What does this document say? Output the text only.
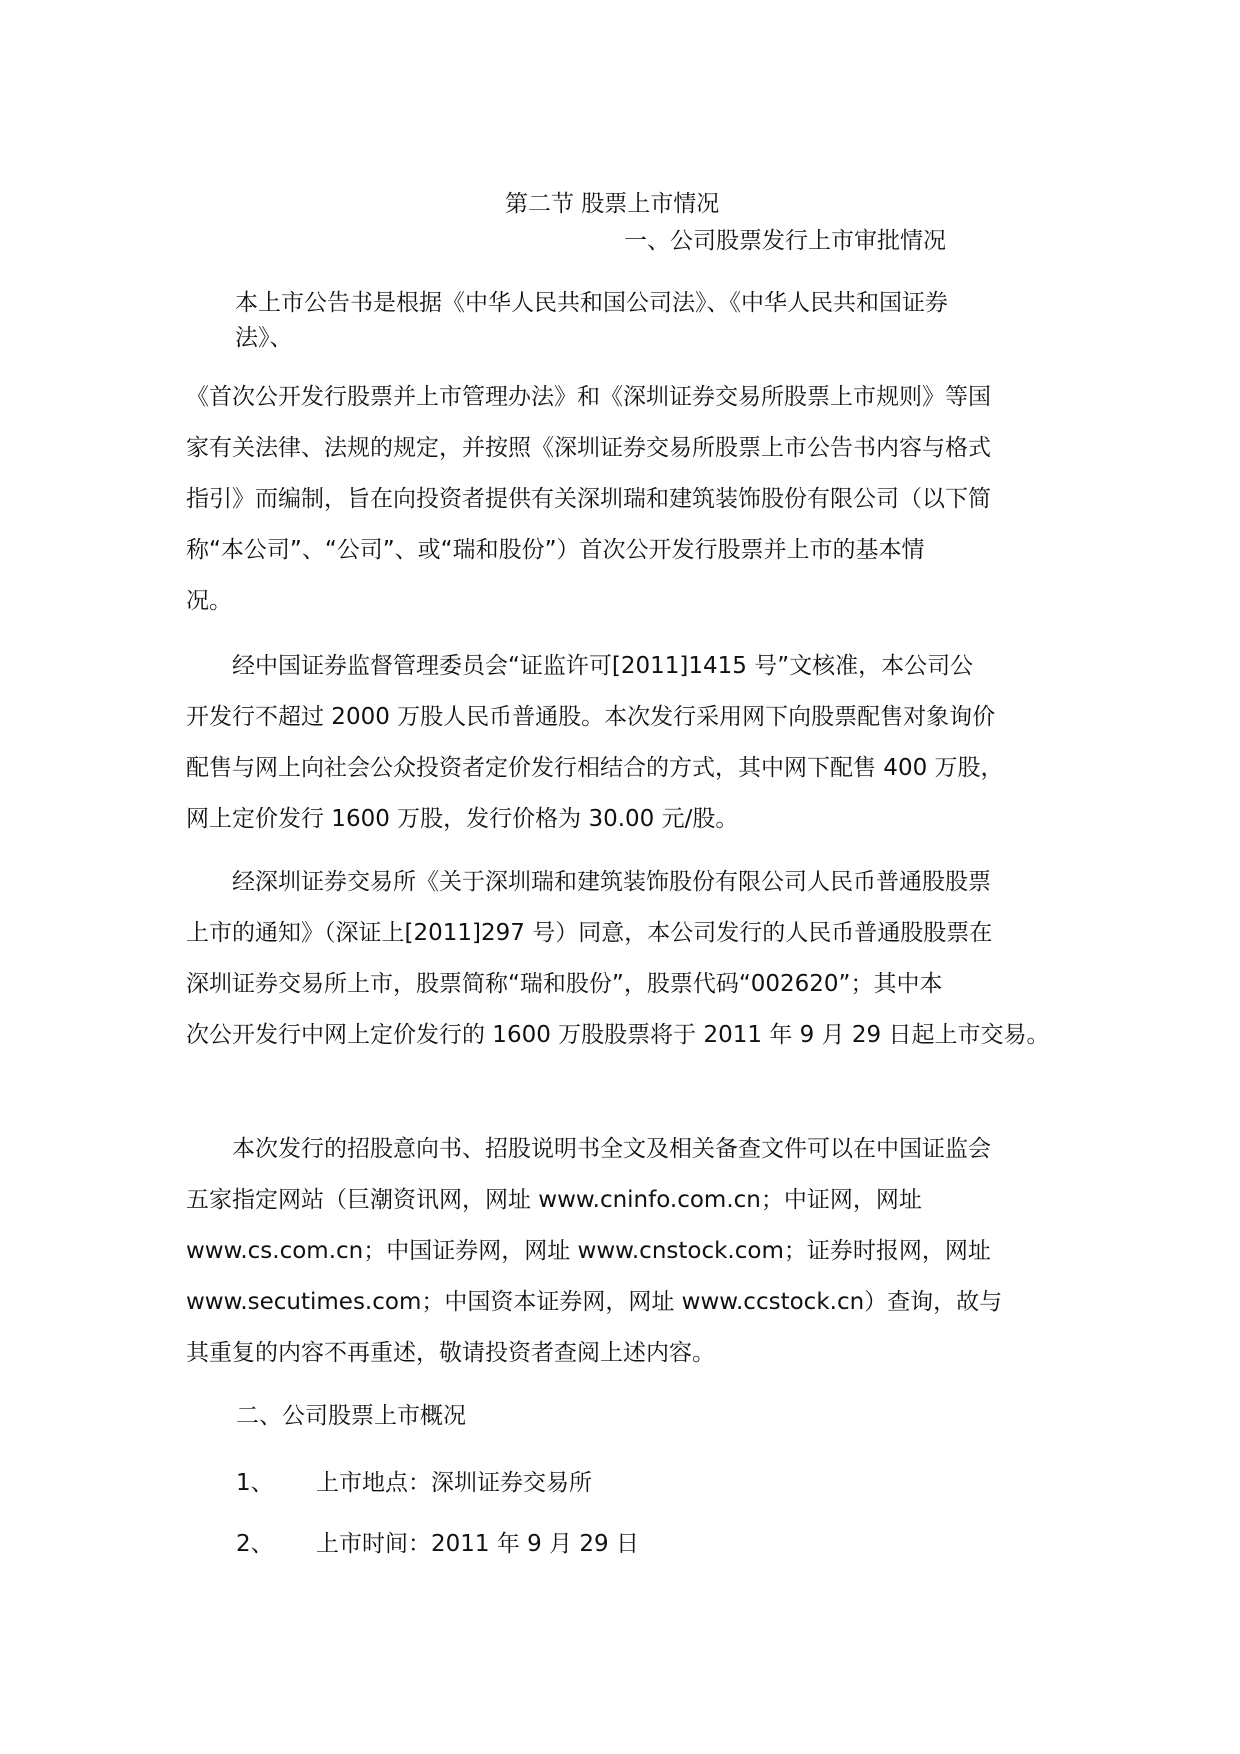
第二节 股票上市情况

一、公司股票发行上市审批情况

本上市公告书是根据《中华人民共和国公司法》、《中华人民共和国证券

法》、

《首次公开发行股票并上市管理办法》和《深圳证券交易所股票上市规则》等国
家有关法律、法规的规定，并按照《深圳证券交易所股票上市公告书内容与格式
指引》而编制，旨在向投资者提供有关深圳瑞和建筑装饰股份有限公司（以下简
称“本公司”、“公司”、或“瑞和股份”）首次公开发行股票并上市的基本情
况。
　　经中国证券监督管理委员会“证监许可[2011]1415 号”文核准，本公司公
开发行不超过 2000 万股人民币普通股。本次发行采用网下向股票配售对象询价
配售与网上向社会公众投资者定价发行相结合的方式，其中网下配售 400 万股，
网上定价发行 1600 万股，发行价格为 30.00 元/股。
　　经深圳证券交易所《关于深圳瑞和建筑装饰股份有限公司人民币普通股股票
上市的通知》（深证上[2011]297 号）同意，本公司发行的人民币普通股股票在
深圳证券交易所上市，股票简称“瑞和股份”，股票代码“002620”；其中本
次公开发行中网上定价发行的 1600 万股股票将于 2011 年 9 月 29 日起上市交易。
　　本次发行的招股意向书、招股说明书全文及相关备查文件可以在中国证监会
五家指定网站（巨潮资讯网，网址 www.cninfo.com.cn；中证网，网址
www.cs.com.cn；中国证券网，网址 www.cnstock.com；证券时报网，网址
www.secutimes.com；中国资本证券网，网址 www.ccstock.cn）查询，故与
其重复的内容不再重述，敬请投资者查阅上述内容。

二、公司股票上市概况

1、 上市地点：深圳证券交易所

2、 上市时间：2011 年 9 月 29 日
